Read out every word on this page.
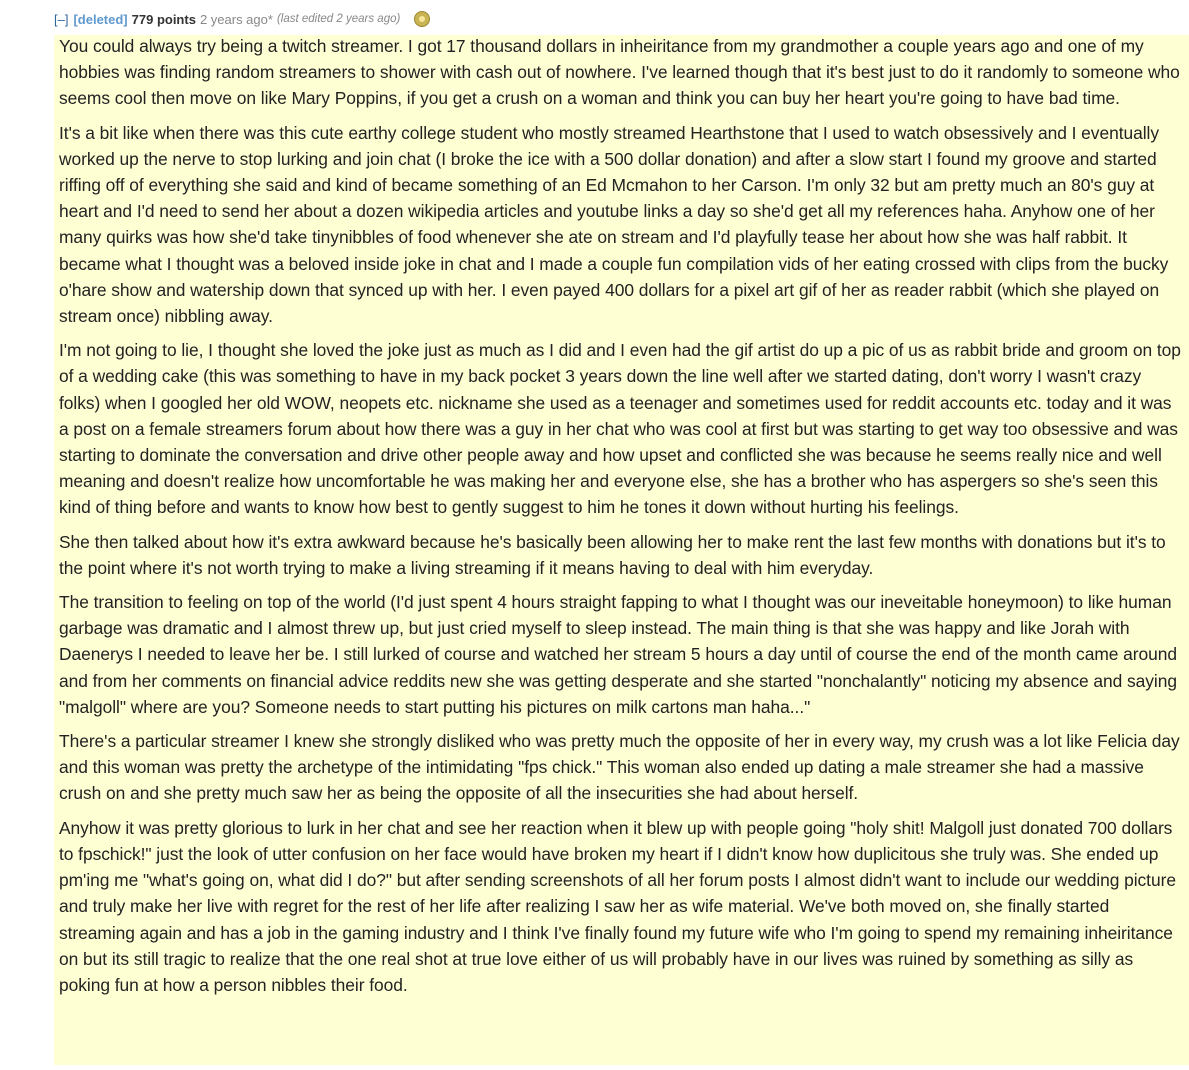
[–] [deleted] 779 points 2 years ago* (last edited 2 years ago)

You could always try being a twitch streamer. I got 17 thousand dollars in inheiritance from my grandmother a couple years ago and one of my hobbies was finding random streamers to shower with cash out of nowhere. I've learned though that it's best just to do it randomly to someone who seems cool then move on like Mary Poppins, if you get a crush on a woman and think you can buy her heart you're going to have bad time.

It's a bit like when there was this cute earthy college student who mostly streamed Hearthstone that I used to watch obsessively and I eventually worked up the nerve to stop lurking and join chat (I broke the ice with a 500 dollar donation) and after a slow start I found my groove and started riffing off of everything she said and kind of became something of an Ed Mcmahon to her Carson. I'm only 32 but am pretty much an 80's guy at heart and I'd need to send her about a dozen wikipedia articles and youtube links a day so she'd get all my references haha. Anyhow one of her many quirks was how she'd take tinynibbles of food whenever she ate on stream and I'd playfully tease her about how she was half rabbit. It became what I thought was a beloved inside joke in chat and I made a couple fun compilation vids of her eating crossed with clips from the bucky o'hare show and watership down that synced up with her. I even payed 400 dollars for a pixel art gif of her as reader rabbit (which she played on stream once) nibbling away.

I'm not going to lie, I thought she loved the joke just as much as I did and I even had the gif artist do up a pic of us as rabbit bride and groom on top of a wedding cake (this was something to have in my back pocket 3 years down the line well after we started dating, don't worry I wasn't crazy folks) when I googled her old WOW, neopets etc. nickname she used as a teenager and sometimes used for reddit accounts etc. today and it was a post on a female streamers forum about how there was a guy in her chat who was cool at first but was starting to get way too obsessive and was starting to dominate the conversation and drive other people away and how upset and conflicted she was because he seems really nice and well meaning and doesn't realize how uncomfortable he was making her and everyone else, she has a brother who has aspergers so she's seen this kind of thing before and wants to know how best to gently suggest to him he tones it down without hurting his feelings.

She then talked about how it's extra awkward because he's basically been allowing her to make rent the last few months with donations but it's to the point where it's not worth trying to make a living streaming if it means having to deal with him everyday.

The transition to feeling on top of the world (I'd just spent 4 hours straight fapping to what I thought was our ineveitable honeymoon) to like human garbage was dramatic and I almost threw up, but just cried myself to sleep instead. The main thing is that she was happy and like Jorah with Daenerys I needed to leave her be. I still lurked of course and watched her stream 5 hours a day until of course the end of the month came around and from her comments on financial advice reddits new she was getting desperate and she started "nonchalantly" noticing my absence and saying "malgoll" where are you? Someone needs to start putting his pictures on milk cartons man haha..."

There's a particular streamer I knew she strongly disliked who was pretty much the opposite of her in every way, my crush was a lot like Felicia day and this woman was pretty the archetype of the intimidating "fps chick." This woman also ended up dating a male streamer she had a massive crush on and she pretty much saw her as being the opposite of all the insecurities she had about herself.

Anyhow it was pretty glorious to lurk in her chat and see her reaction when it blew up with people going "holy shit! Malgoll just donated 700 dollars to fpschick!" just the look of utter confusion on her face would have broken my heart if I didn't know how duplicitous she truly was. She ended up pm'ing me "what's going on, what did I do?" but after sending screenshots of all her forum posts I almost didn't want to include our wedding picture and truly make her live with regret for the rest of her life after realizing I saw her as wife material. We've both moved on, she finally started streaming again and has a job in the gaming industry and I think I've finally found my future wife who I'm going to spend my remaining inheiritance on but its still tragic to realize that the one real shot at true love either of us will probably have in our lives was ruined by something as silly as poking fun at how a person nibbles their food.
